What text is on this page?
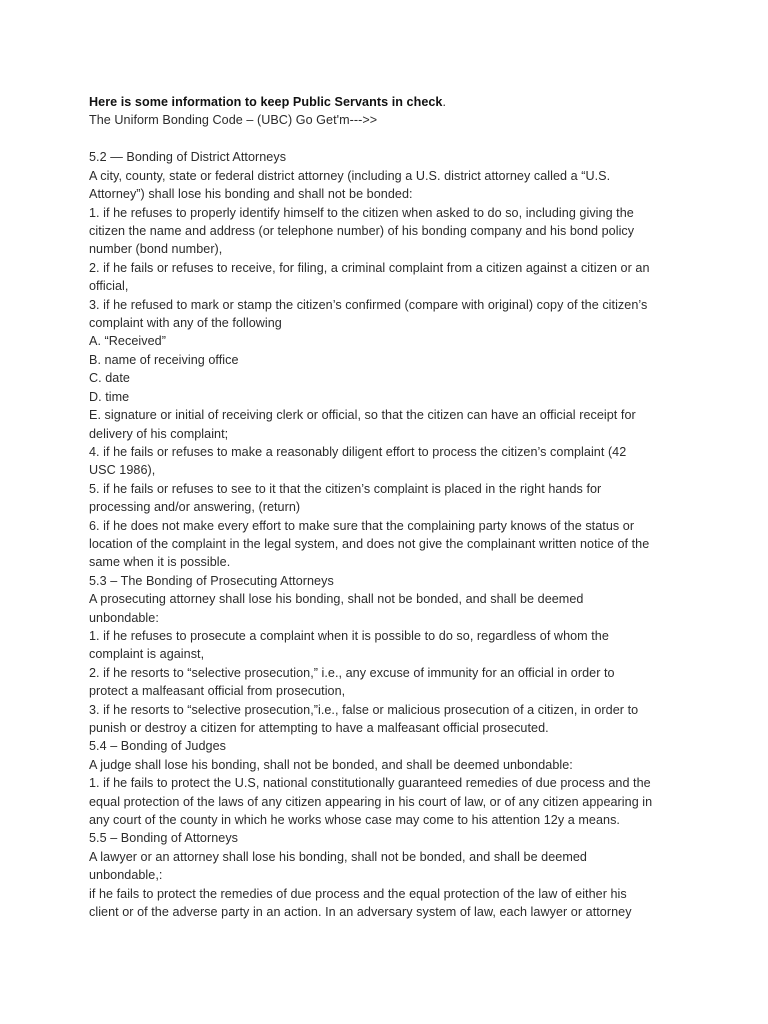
Here is some information to keep Public Servants in check.
The Uniform Bonding Code – (UBC) Go Get'm--->>
5.2 — Bonding of District Attorneys
A city, county, state or federal district attorney (including a U.S. district attorney called a “U.S.
Attorney”) shall lose his bonding and shall not be bonded:
1. if he refuses to properly identify himself to the citizen when asked to do so, including giving the
citizen the name and address (or telephone number) of his bonding company and his bond policy
number (bond number),
2. if he fails or refuses to receive, for filing, a criminal complaint from a citizen against a citizen or an
official,
3. if he refused to mark or stamp the citizen’s confirmed (compare with original) copy of the citizen’s
complaint with any of the following
A. “Received”
B. name of receiving office
C. date
D. time
E. signature or initial of receiving clerk or official, so that the citizen can have an official receipt for
delivery of his complaint;
4. if he fails or refuses to make a reasonably diligent effort to process the citizen’s complaint (42
USC 1986),
5. if he fails or refuses to see to it that the citizen’s complaint is placed in the right hands for
processing and/or answering, (return)
6. if he does not make every effort to make sure that the complaining party knows of the status or
location of the complaint in the legal system, and does not give the complainant written notice of the
same when it is possible.
5.3 – The Bonding of Prosecuting Attorneys
A prosecuting attorney shall lose his bonding, shall not be bonded, and shall be deemed
unbondable:
1. if he refuses to prosecute a complaint when it is possible to do so, regardless of whom the
complaint is against,
2. if he resorts to “selective prosecution,” i.e., any excuse of immunity for an official in order to
protect a malfeasant official from prosecution,
3. if he resorts to “selective prosecution,”i.e., false or malicious prosecution of a citizen, in order to
punish or destroy a citizen for attempting to have a malfeasant official prosecuted.
5.4 – Bonding of Judges
A judge shall lose his bonding, shall not be bonded, and shall be deemed unbondable:
1. if he fails to protect the U.S, national constitutionally guaranteed remedies of due process and the
equal protection of the laws of any citizen appearing in his court of law, or of any citizen appearing in
any court of the county in which he works whose case may come to his attention 12y a means.
5.5 – Bonding of Attorneys
A lawyer or an attorney shall lose his bonding, shall not be bonded, and shall be deemed
unbondable,:
if he fails to protect the remedies of due process and the equal protection of the law of either his
client or of the adverse party in an action. In an adversary system of law, each lawyer or attorney
